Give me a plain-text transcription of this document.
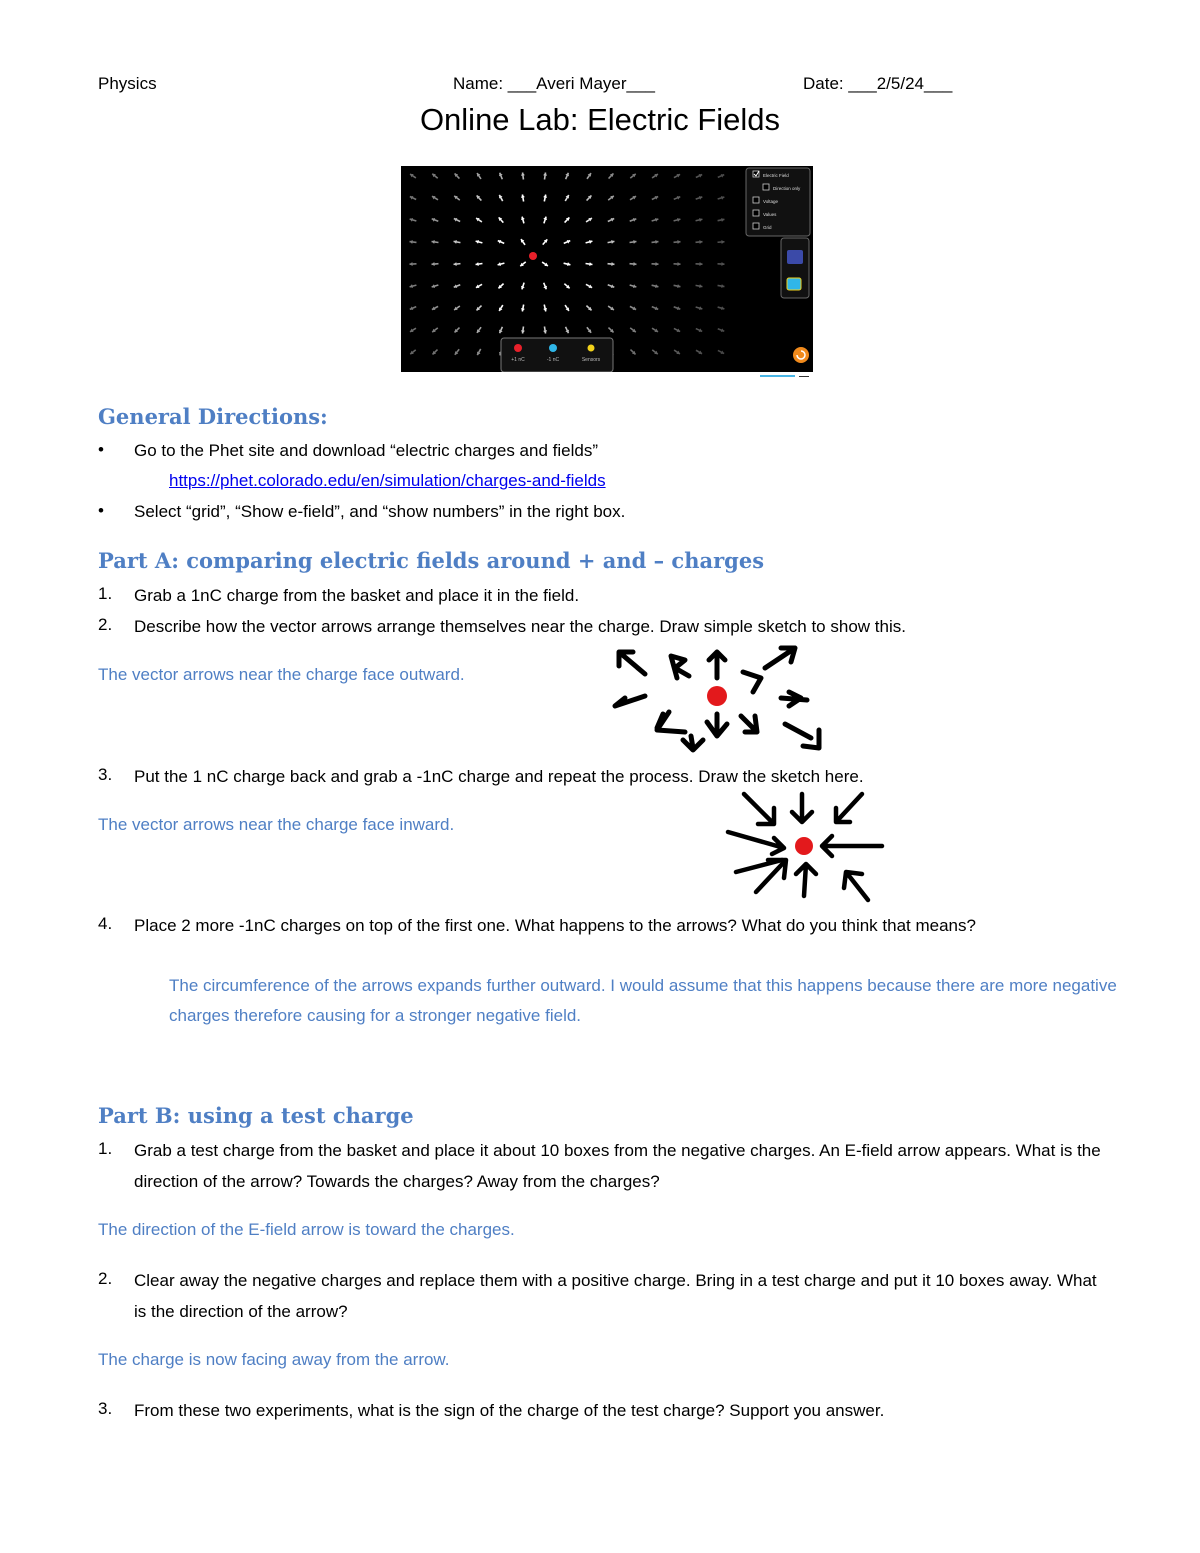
Physics	Name: ___Averi Mayer___	Date: ___2/5/24___
Online Lab: Electric Fields
Electric Field
Direction only
Voltage
Values
Grid
+1 nC	-1 nC	Sensors
General Directions:
• Go to the Phet site and download “electric charges and fields”
https://phet.colorado.edu/en/simulation/charges-and-fields
• Select “grid”, “Show e-field”, and “show numbers” in the right box.
Part A: comparing electric fields around + and – charges
1. Grab a 1nC charge from the basket and place it in the field.
2. Describe how the vector arrows arrange themselves near the charge. Draw simple sketch to show this.
The vector arrows near the charge face outward.
3. Put the 1 nC charge back and grab a -1nC charge and repeat the process. Draw the sketch here.
The vector arrows near the charge face inward.
4. Place 2 more -1nC charges on top of the first one. What happens to the arrows? What do you think that means?
The circumference of the arrows expands further outward. I would assume that this happens because there are more negative charges therefore causing for a stronger negative field.
Part B: using a test charge
1. Grab a test charge from the basket and place it about 10 boxes from the negative charges. An E-field arrow appears. What is the direction of the arrow? Towards the charges? Away from the charges?
The direction of the E-field arrow is toward the charges.
2. Clear away the negative charges and replace them with a positive charge. Bring in a test charge and put it 10 boxes away. What is the direction of the arrow?
The charge is now facing away from the arrow.
3. From these two experiments, what is the sign of the charge of the test charge? Support you answer.
